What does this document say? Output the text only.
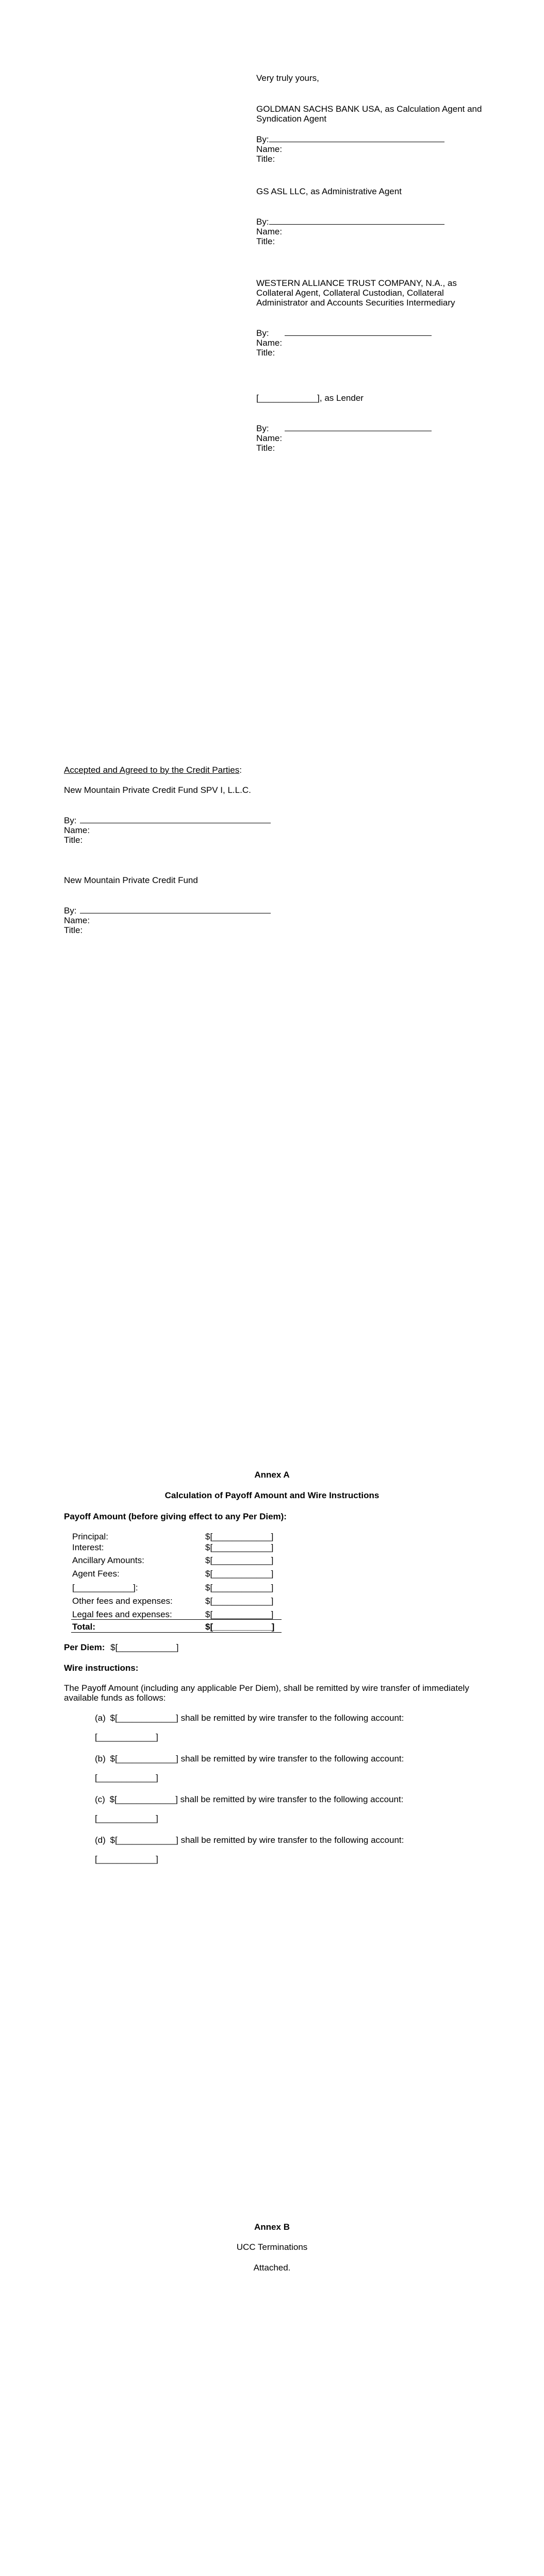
Very truly yours,
GOLDMAN SACHS BANK USA, as Calculation Agent and Syndication Agent
By:
Name:
Title:
GS ASL LLC, as Administrative Agent
By:
Name:
Title:
WESTERN ALLIANCE TRUST COMPANY, N.A., as Collateral Agent, Collateral Custodian, Collateral Administrator and Accounts Securities Intermediary
By:
Name:
Title:
[____________], as Lender
By:
Name:
Title:
Accepted and Agreed to by the Credit Parties:
New Mountain Private Credit Fund SPV I, L.L.C.
By:
Name:
Title:
New Mountain Private Credit Fund
By:
Name:
Title:
Annex A
Calculation of Payoff Amount and Wire Instructions
Payoff Amount (before giving effect to any Per Diem):
Principal:	$[____________]
Interest:	$[____________]
Ancillary Amounts:	$[____________]
Agent Fees:	$[____________]
[____________]:	$[____________]
Other fees and expenses:	$[____________]
Legal fees and expenses:	$[____________]
Total:	$[____________]
Per Diem: $[____________]
Wire instructions:
The Payoff Amount (including any applicable Per Diem), shall be remitted by wire transfer of immediately available funds as follows:
(a) $[____________] shall be remitted by wire transfer to the following account:
[____________]
(b) $[____________] shall be remitted by wire transfer to the following account:
[____________]
(c) $[____________] shall be remitted by wire transfer to the following account:
[____________]
(d) $[____________] shall be remitted by wire transfer to the following account:
[____________]
Annex B
UCC Terminations
Attached.
